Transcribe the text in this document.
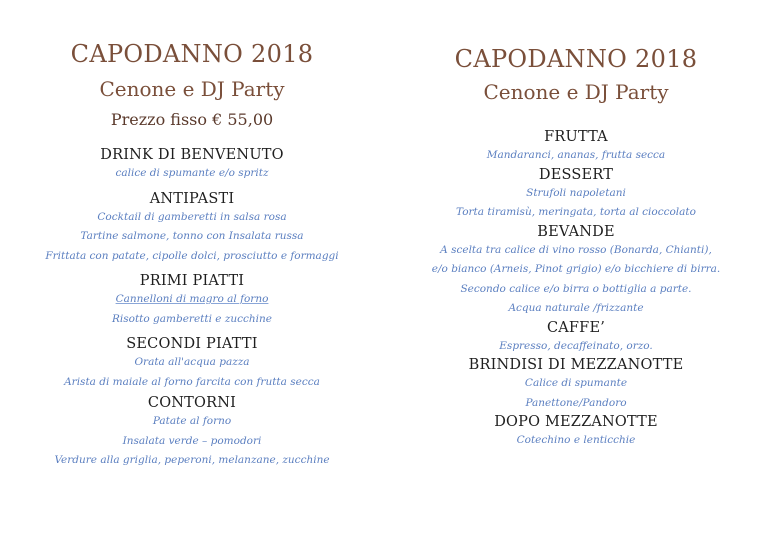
CAPODANNO 2018
Cenone e DJ Party
Prezzo fisso € 55,00
DRINK DI BENVENUTO
calice di spumante e/o spritz
ANTIPASTI
Cocktail di gamberetti in salsa rosa
Tartine salmone, tonno con Insalata russa
Frittata con patate, cipolle dolci, prosciutto e formaggi
PRIMI PIATTI
Cannelloni di magro al forno
Risotto gamberetti e zucchine
SECONDI PIATTI
Orata all'acqua pazza
Arista di maiale al forno farcita con frutta secca
CONTORNI
Patate al forno
Insalata verde – pomodori
Verdure alla griglia, peperoni, melanzane, zucchine
CAPODANNO 2018
Cenone e DJ Party
FRUTTA
Mandaranci, ananas, frutta secca
DESSERT
Strufoli napoletani
Torta tiramisù, meringata, torta al cioccolato
BEVANDE
A scelta tra calice di vino rosso (Bonarda, Chianti),
e/o bianco (Arneis, Pinot grigio) e/o bicchiere di birra.
Secondo calice e/o birra o bottiglia a parte.
Acqua naturale /frizzante
CAFFE’
Espresso, decaffeinato, orzo.
BRINDISI DI MEZZANOTTE
Calice di spumante
Panettone/Pandoro
DOPO MEZZANOTTE
Cotechino e lenticchie
